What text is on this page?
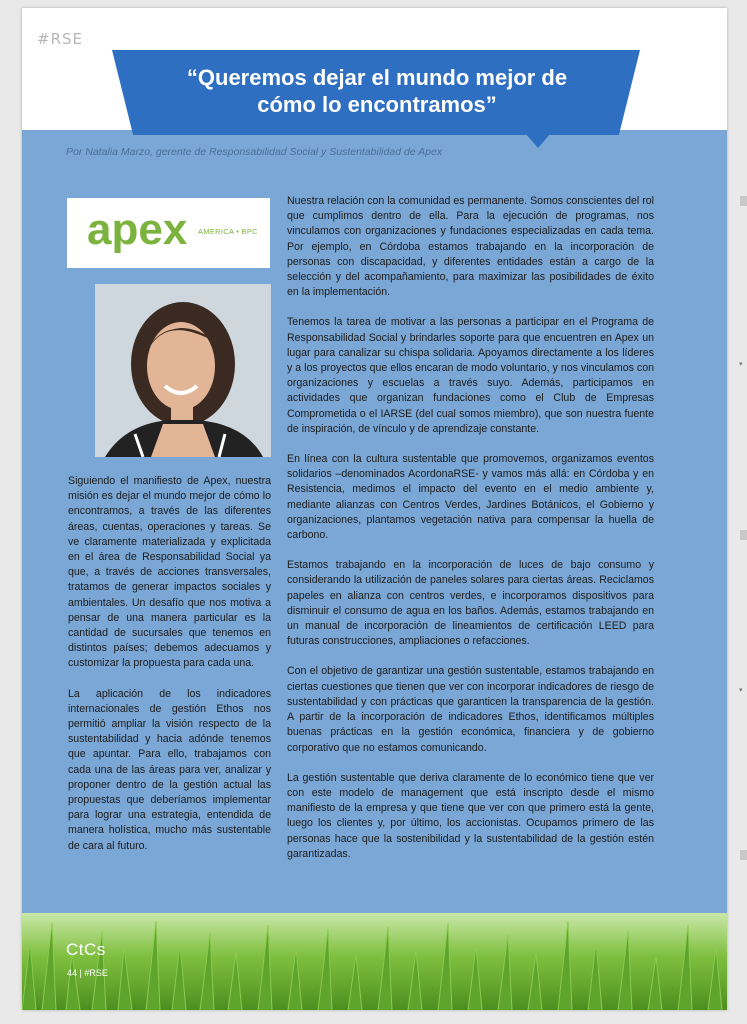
#RSE
“Queremos dejar el mundo mejor de
cómo lo encontramos”
Por Natalia Marzo, gerente de Responsabilidad Social y Sustentabilidad de Apex
apex AMERICA • BPC

Siguiendo el manifiesto de Apex, nuestra misión es dejar el mundo mejor de cómo lo encontramos, a través de las diferentes áreas, cuentas, operaciones y tareas. Se ve claramente materializada y explicitada en el área de Responsabilidad Social ya que, a través de acciones transversales, tratamos de generar impactos sociales y ambientales. Un desafío que nos motiva a pensar de una manera particular es la cantidad de sucursales que tenemos en distintos países; debemos adecuamos y customizar la propuesta para cada una.

La aplicación de los indicadores internacionales de gestión Ethos nos permitió ampliar la visión respecto de la sustentabilidad y hacia adónde tenemos que apuntar. Para ello, trabajamos con cada una de las áreas para ver, analizar y proponer dentro de la gestión actual las propuestas que deberíamos implementar para lograr una estrategia, entendida de manera holística, mucho más sustentable de cara al futuro.

Nuestra relación con la comunidad es permanente. Somos conscientes del rol que cumplimos dentro de ella. Para la ejecución de programas, nos vinculamos con organizaciones y fundaciones especializadas en cada tema. Por ejemplo, en Córdoba estamos trabajando en la incorporación de personas con discapacidad, y diferentes entidades están a cargo de la selección y del acompañamiento, para maximizar las posibilidades de éxito en la implementación.

Tenemos la tarea de motivar a las personas a participar en el Programa de Responsabilidad Social y brindarles soporte para que encuentren en Apex un lugar para canalizar su chispa solidaria. Apoyamos directamente a los líderes y a los proyectos que ellos encaran de modo voluntario, y nos vinculamos con organizaciones y escuelas a través suyo. Además, participamos en actividades que organizan fundaciones como el Club de Empresas Comprometida o el IARSE (del cual somos miembro), que son nuestra fuente de inspiración, de vínculo y de aprendizaje constante.

En línea con la cultura sustentable que promovemos, organizamos eventos solidarios –denominados AcordonaRSE- y vamos más allá: en Córdoba y en Resistencia, medimos el impacto del evento en el medio ambiente y, mediante alianzas con Centros Verdes, Jardines Botánicos, el Gobierno y organizaciones, plantamos vegetación nativa para compensar la huella de carbono.

Estamos trabajando en la incorporación de luces de bajo consumo y considerando la utilización de paneles solares para ciertas áreas. Reciclamos papeles en alianza con centros verdes, e incorporamos dispositivos para disminuir el consumo de agua en los baños. Además, estamos trabajando en un manual de incorporación de lineamientos de certificación LEED para futuras construcciones, ampliaciones o refacciones.

Con el objetivo de garantizar una gestión sustentable, estamos trabajando en ciertas cuestiones que tienen que ver con incorporar indicadores de riesgo de sustentabilidad y con prácticas que garanticen la transparencia de la gestión. A partir de la incorporación de indicadores Ethos, identificamos múltiples buenas prácticas en la gestión económica, financiera y de gobierno corporativo que no estamos comunicando.

La gestión sustentable que deriva claramente de lo económico tiene que ver con este modelo de management que está inscripto desde el mismo manifiesto de la empresa y que tiene que ver con que primero está la gente, luego los clientes y, por último, los accionistas. Ocupamos primero de las personas hace que la sostenibilidad y la sustentabilidad de la gestión estén garantizadas.

CtCs
44 | #RSE
▾
▾
